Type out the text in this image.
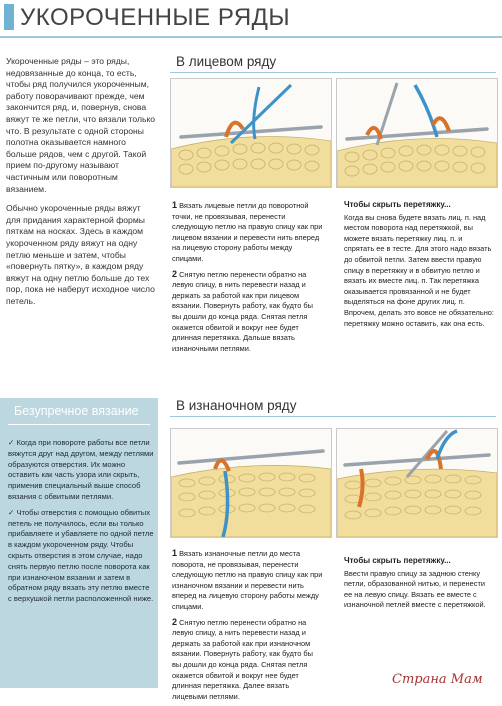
УКОРОЧЕННЫЕ РЯДЫ

Укороченные ряды – это ряды, недовязанные до конца, то есть, чтобы ряд получился укороченным, работу поворачивают прежде, чем закончится ряд, и, повернув, снова вяжут те же петли, что вязали только что. В результате с одной стороны полотна оказывается намного больше рядов, чем с другой. Такой прием по-другому называют частичным или поворотным вязанием.

Обычно укороченные ряды вяжут для придания характерной формы пяткам на носках. Здесь в каждом укороченном ряду вяжут на одну петлю меньше и затем, чтобы «повернуть пятку», в каждом ряду вяжут на одну петлю больше до тех пор, пока не наберут исходное число петель.

В лицевом ряду

1 Вязать лицевые петли до поворотной точки, не провязывая, перенести следующую петлю на правую спицу как при лицевом вязании и перевести нить вперед на лицевую сторону работы между спицами.

2 Снятую петлю перенести обратно на левую спицу, в нить перевести назад и держать за работой как при лицевом вязании. Повернуть работу, как будто бы вы дошли до конца ряда. Снятая петля окажется обвитой и вокруг нее будет длинная перетяжка. Дальше вязать изнаночными петлями.

Чтобы скрыть перетяжку...
Когда вы снова будете вязать лиц. п. над местом поворота над перетяжкой, вы можете вязать перетяжку лиц. п. и спрятать ее в тесте. Для этого надо вязать до обвитой петли. Затем ввести правую спицу в перетяжку и в обвитую петлю и вязать их вместе лиц. п. Так перетяжка оказывается провязанной и не будет выделяться на фоне других лиц. п. Впрочем, делать это вовсе не обязательно: перетяжку можно оставить, как она есть.
В изнаночном ряду

1 Вязать изнаночные петли до места поворота, не провязывая, перенести следующую петлю на правую спицу как при изнаночном вязании и перевести нить вперед на лицевую сторону работы между спицами.

2 Снятую петлю перенести обратно на левую спицу, а нить перевести назад и держать за работой как при изнаночном вязании. Повернуть работу, как будто бы вы дошли до конца ряда. Снятая петля окажется обвитой и вокруг нее будет длинная перетяжка. Далее вязать лицевыми петлями.

Чтобы скрыть перетяжку...
Ввести правую спицу за заднюю стенку петли, образованной нитью, и перенести ее на левую спицу. Вязать ее вместе с изнаночной петлей вместе с перетяжкой.
Безупречное вязание

✓ Когда при повороте работы все петли вяжутся друг над другом, между петлями образуются отверстия. Их можно оставить как часть узора или скрыть, применив специальный выше способ вязания с обвитыми петлями.

✓ Чтобы отверстия с помощью обвитых петель не получилось, если вы только прибавляете и убавляете по одной петле в каждом укороченном ряду. Чтобы скрыть отверстия в этом случае, надо снять первую петлю после поворота как при изнаночном вязании и затем в обратном ряду вязать эту петлю вместе с верхушкой петли расположенной ниже.

Страна Мам
